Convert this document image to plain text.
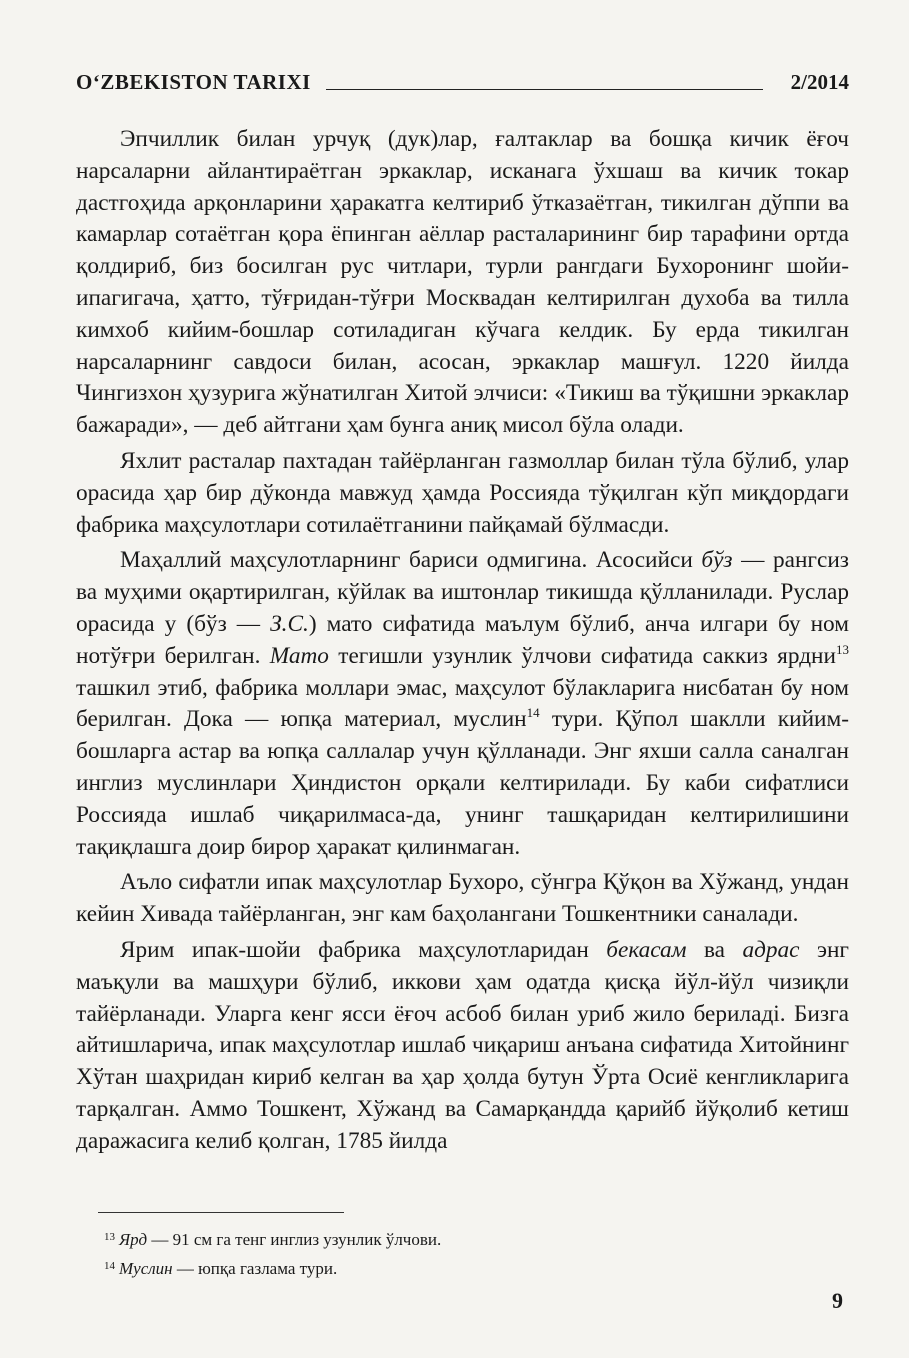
O‘ZBEKISTON TARIXI	2/2014

Эпчиллик билан урчуқ (дук)лар, ғалтаклар ва бошқа кичик ёғоч нарсаларни айлантираётган эркаклар, исканага ўхшаш ва кичик токар дастгоҳида арқонларини ҳаракатга келтириб ўтказаётган, тикилган дўппи ва камарлар сотаётган қора ёпинган аёллар расталарининг бир тарафини ортда қолдириб, биз босилган рус читлари, турли рангдаги Бухоронинг шойи-ипагигача, ҳатто, тўғридан-тўғри Москвадан келтирилган духоба ва тилла кимхоб кийим-бошлар сотиладиган кўчага келдик. Бу ерда тикилган нарсаларнинг савдоси билан, асосан, эркаклар машғул. 1220 йилда Чингизхон ҳузурига жўнатилган Хитой элчиси: «Тикиш ва тўқишни эркаклар бажаради», — деб айтгани ҳам бунга аниқ мисол бўла олади.

Яхлит расталар пахтадан тайёрланган газмоллар билан тўла бўлиб, улар орасида ҳар бир дўконда мавжуд ҳамда Россияда тўқилган кўп миқдордаги фабрика маҳсулотлари сотилаётганини пайқамай бўлмасди.

Маҳаллий маҳсулотларнинг бариси одмигина. Асосийси бўз — рангсиз ва муҳими оқартирилган, кўйлак ва иштонлар тикишда қўлланилади. Руслар орасида у (бўз — З.С.) мато сифатида маълум бўлиб, анча илгари бу ном нотўғри берилган. Мато тегишли узунлик ўлчови сифатида саккиз ярдни$^{13}$ ташкил этиб, фабрика моллари эмас, маҳсулот бўлакларига нисбатан бу ном берилган. Дока — юпқа материал, муслин$^{14}$ тури. Қўпол шаклли кийим-бошларга астар ва юпқа саллалар учун қўлланади. Энг яхши салла саналган инглиз муслинлари Ҳиндистон орқали келтирилади. Бу каби сифатлиси Россияда ишлаб чиқарилмаса-да, унинг ташқаридан келтирилишини тақиқлашга доир бирор ҳаракат қилинмаган.

Аъло сифатли ипак маҳсулотлар Бухоро, сўнгра Қўқон ва Хўжанд, ундан кейин Хивада тайёрланган, энг кам баҳолангани Тошкентники саналади.

Ярим ипак-шойи фабрика маҳсулотларидан бекасам ва адрас энг маъқули ва машҳури бўлиб, иккови ҳам одатда қисқа йўл-йўл чизиқли тайёрланади. Уларга кенг ясси ёғоч асбоб билан уриб жило бериладi. Бизга айтишларича, ипак маҳсулотлар ишлаб чиқариш анъана сифатида Хитойнинг Хўтан шаҳридан кириб келган ва ҳар ҳолда бутун Ўрта Осиё кенгликларига тарқалган. Аммо Тошкент, Хўжанд ва Самарқандда қарийб йўқолиб кетиш даражасига келиб қолган, 1785 йилда

$^{13}$ Ярд — 91 см га тенг инглиз узунлик ўлчови.
$^{14}$ Муслин — юпқа газлама тури.
9
